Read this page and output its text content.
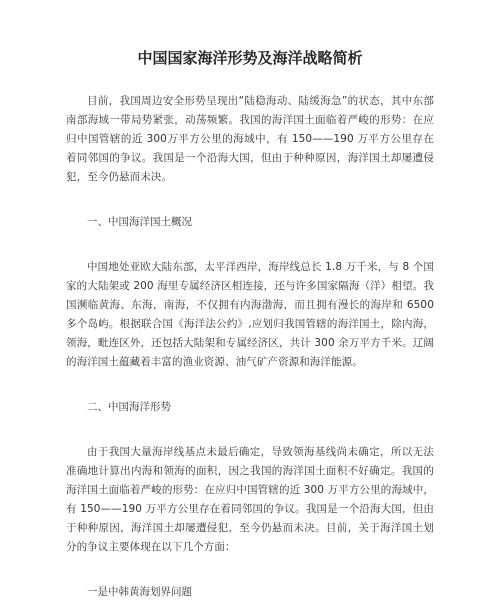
中国国家海洋形势及海洋战略简析

目前，我国周边安全形势呈现出“陆稳海动、陆缓海急”的状态，其中东部南部海域一带局势紧张，动荡频繁。我国的海洋国土面临着严峻的形势：在应归中国管辖的近 300万平方公里的海域中，有 150——190 万平方公里存在着同邻国的争议。我国是一个沿海大国，但由于种种原因，海洋国土却屡遭侵犯，至今仍悬而未决。

一、中国海洋国土概况

中国地处亚欧大陆东部，太平洋西岸，海岸线总长 1.8 万千米，与 8 个国家的大陆架或 200 海里专属经济区相连接，还与许多国家隔海（洋）相望。我国濒临黄海、东海，南海，不仅拥有内海渤海，而且拥有漫长的海岸和 6500 多个岛屿。根据联合国《海洋法公约》,应划归我国管辖的海洋国土，除内海，领海，毗连区外，还包括大陆架和专属经济区，共计 300 余万平方千米。辽阔的海洋国土蕴藏着丰富的渔业资源、油气矿产资源和海洋能源。

二、中国海洋形势

由于我国大量海岸线基点未最后确定，导致领海基线尚未确定，所以无法准确地计算出内海和领海的面积，因之我国的海洋国土面积不好确定。我国的海洋国土面临着严峻的形势：在应归中国管辖的近 300 万平方公里的海域中，有 150——190 万平方公里存在着同邻国的争议。我国是一个沿海大国，但由于种种原因，海洋国土却屡遭侵犯，至今仍悬而未决。目前，关于海洋国土划分的争议主要体现在以下几个方面：

一是中韩黄海划界问题
